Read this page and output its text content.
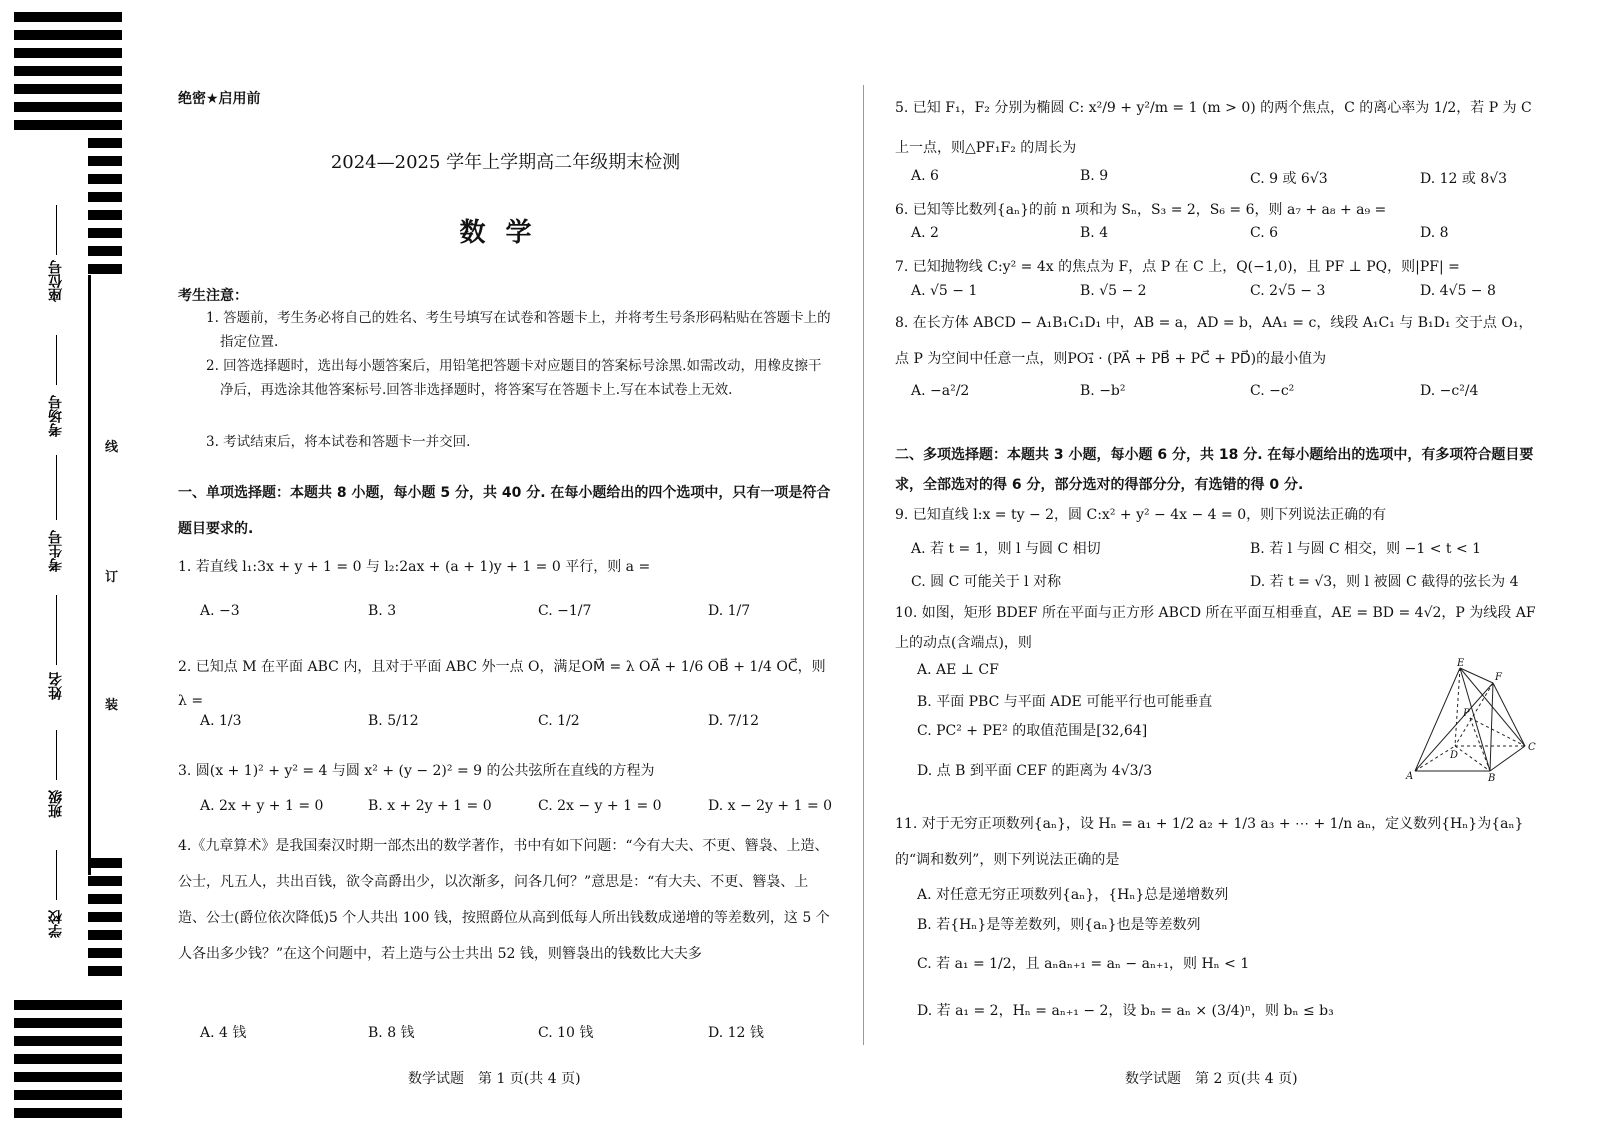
座位号
考场号
考生号
姓名
班级
学校
线
订
装
绝密★启用前
2024—2025 学年上学期高二年级期末检测
数学
考生注意：
1. 答题前，考生务必将自己的姓名、考生号填写在试卷和答题卡上，并将考生号条形码粘贴在答题卡上的指定位置.
2. 回答选择题时，选出每小题答案后，用铅笔把答题卡对应题目的答案标号涂黑.如需改动，用橡皮擦干净后，再选涂其他答案标号.回答非选择题时，将答案写在答题卡上.写在本试卷上无效.
3. 考试结束后，将本试卷和答题卡一并交回.
一、单项选择题：本题共 8 小题，每小题 5 分，共 40 分. 在每小题给出的四个选项中，只有一项是符合题目要求的.
1. 若直线 l₁:3x + y + 1 = 0 与 l₂:2ax + (a + 1)y + 1 = 0 平行，则 a =
A. −3	B. 3	C. −1/7	D. 1/7
2. 已知点 M 在平面 ABC 内，且对于平面 ABC 外一点 O，满足OM⃗ = λ OA⃗ + 1/6 OB⃗ + 1/4 OC⃗，则 λ =
A. 1/3	B. 5/12	C. 1/2	D. 7/12
3. 圆(x + 1)² + y² = 4 与圆 x² + (y − 2)² = 9 的公共弦所在直线的方程为
A. 2x + y + 1 = 0	B. x + 2y + 1 = 0	C. 2x − y + 1 = 0	D. x − 2y + 1 = 0
4.《九章算术》是我国秦汉时期一部杰出的数学著作，书中有如下问题：“今有大夫、不更、簪袅、上造、公士，凡五人，共出百钱，欲令高爵出少，以次渐多，问各几何？”意思是：“有大夫、不更、簪袅、上造、公士(爵位依次降低)5 个人共出 100 钱，按照爵位从高到低每人所出钱数成递增的等差数列，这 5 个人各出多少钱？”在这个问题中，若上造与公士共出 52 钱，则簪袅出的钱数比大夫多
A. 4 钱	B. 8 钱	C. 10 钱	D. 12 钱
数学试题　第 1 页(共 4 页)
5. 已知 F₁，F₂ 分别为椭圆 C: x²/9 + y²/m = 1 (m > 0) 的两个焦点，C 的离心率为 1/2，若 P 为 C 上一点，则△PF₁F₂ 的周长为
A. 6	B. 9	C. 9 或 6√3	D. 12 或 8√3
6. 已知等比数列{aₙ}的前 n 项和为 Sₙ，S₃ = 2，S₆ = 6，则 a₇ + a₈ + a₉ =
A. 2	B. 4	C. 6	D. 8
7. 已知抛物线 C:y² = 4x 的焦点为 F，点 P 在 C 上，Q(−1,0)，且 PF ⊥ PQ，则|PF| =
A. √5 − 1	B. √5 − 2	C. 2√5 − 3	D. 4√5 − 8
8. 在长方体 ABCD − A₁B₁C₁D₁ 中，AB = a，AD = b，AA₁ = c，线段 A₁C₁ 与 B₁D₁ 交于点 O₁，点 P 为空间中任意一点，则PO₁⃗ · (PA⃗ + PB⃗ + PC⃗ + PD⃗)的最小值为
A. −a²/2	B. −b²	C. −c²	D. −c²/4
二、多项选择题：本题共 3 小题，每小题 6 分，共 18 分. 在每小题给出的选项中，有多项符合题目要求，全部选对的得 6 分，部分选对的得部分分，有选错的得 0 分.
9. 已知直线 l:x = ty − 2，圆 C:x² + y² − 4x − 4 = 0，则下列说法正确的有
A. 若 t = 1，则 l 与圆 C 相切	B. 若 l 与圆 C 相交，则 −1 < t < 1
C. 圆 C 可能关于 l 对称	D. 若 t = √3，则 l 被圆 C 截得的弦长为 4
10. 如图，矩形 BDEF 所在平面与正方形 ABCD 所在平面互相垂直，AE = BD = 4√2，P 为线段 AF 上的动点(含端点)，则
A. AE ⊥ CF
B. 平面 PBC 与平面 ADE 可能平行也可能垂直
C. PC² + PE² 的取值范围是[32,64]
D. 点 B 到平面 CEF 的距离为 4√3/3
E
F
P
D
C
A	B
11. 对于无穷正项数列{aₙ}，设 Hₙ = a₁ + 1/2 a₂ + 1/3 a₃ + ⋯ + 1/n aₙ，定义数列{Hₙ}为{aₙ}的“调和数列”，则下列说法正确的是
A. 对任意无穷正项数列{aₙ}，{Hₙ}总是递增数列
B. 若{Hₙ}是等差数列，则{aₙ}也是等差数列
C. 若 a₁ = 1/2，且 aₙaₙ₊₁ = aₙ − aₙ₊₁，则 Hₙ < 1
D. 若 a₁ = 2，Hₙ = aₙ₊₁ − 2，设 bₙ = aₙ × (3/4)ⁿ，则 bₙ ≤ b₃
数学试题　第 2 页(共 4 页)
